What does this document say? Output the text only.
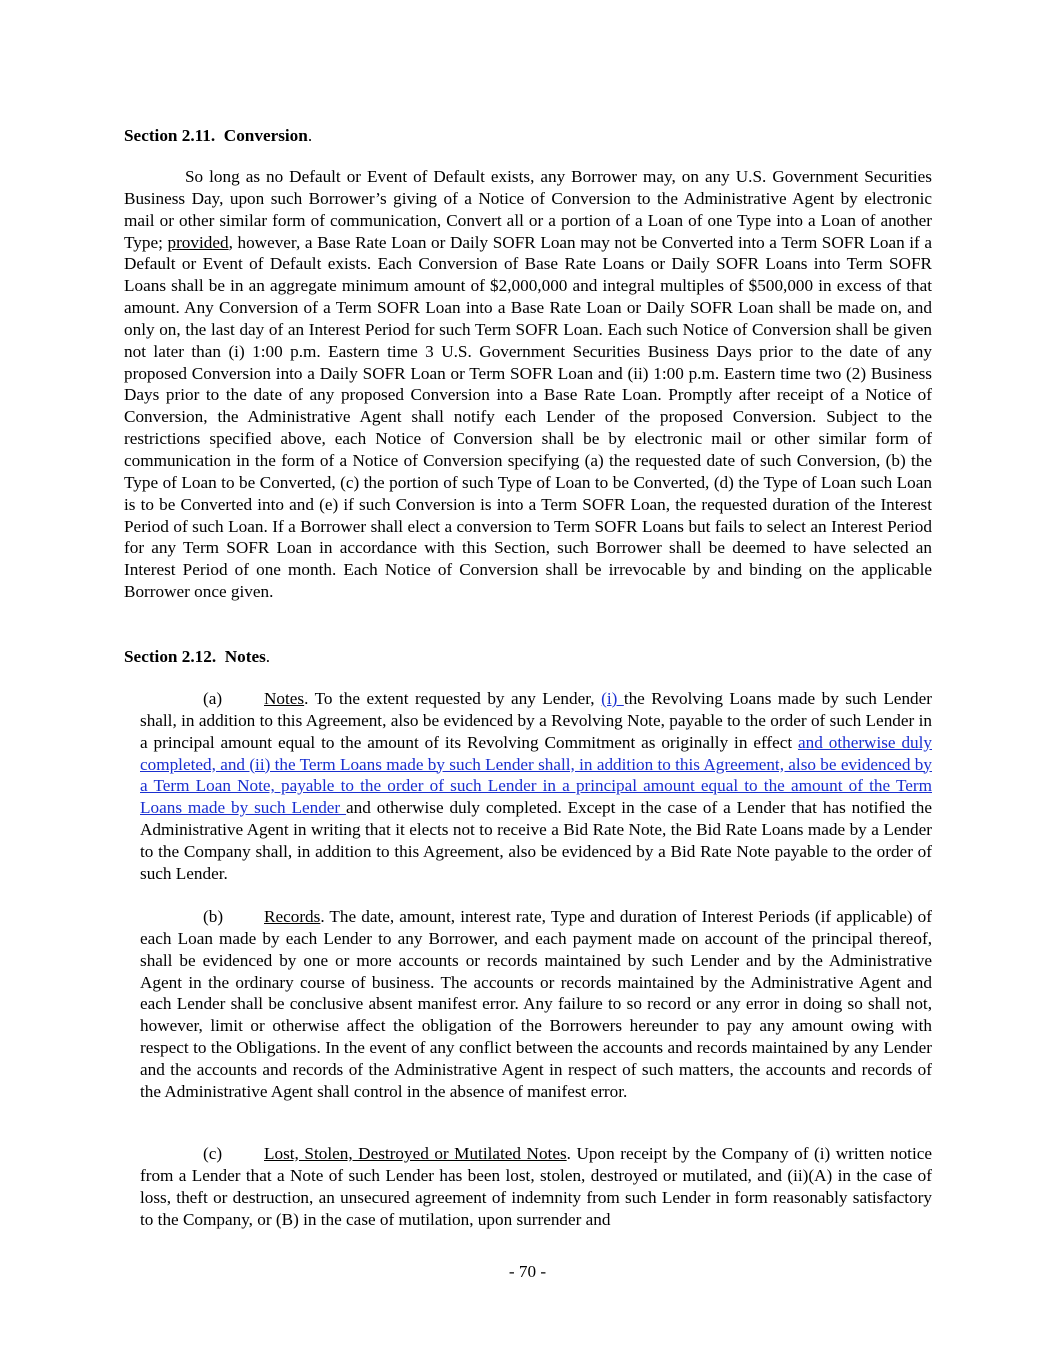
Section 2.11. Conversion.

So long as no Default or Event of Default exists, any Borrower may, on any U.S. Government Securities Business Day, upon such Borrower’s giving of a Notice of Conversion to the Administrative Agent by electronic mail or other similar form of communication, Convert all or a portion of a Loan of one Type into a Loan of another Type; provided, however, a Base Rate Loan or Daily SOFR Loan may not be Converted into a Term SOFR Loan if a Default or Event of Default exists. Each Conversion of Base Rate Loans or Daily SOFR Loans into Term SOFR Loans shall be in an aggregate minimum amount of $2,000,000 and integral multiples of $500,000 in excess of that amount. Any Conversion of a Term SOFR Loan into a Base Rate Loan or Daily SOFR Loan shall be made on, and only on, the last day of an Interest Period for such Term SOFR Loan. Each such Notice of Conversion shall be given not later than (i) 1:00 p.m. Eastern time 3 U.S. Government Securities Business Days prior to the date of any proposed Conversion into a Daily SOFR Loan or Term SOFR Loan and (ii) 1:00 p.m. Eastern time two (2) Business Days prior to the date of any proposed Conversion into a Base Rate Loan. Promptly after receipt of a Notice of Conversion, the Administrative Agent shall notify each Lender of the proposed Conversion. Subject to the restrictions specified above, each Notice of Conversion shall be by electronic mail or other similar form of communication in the form of a Notice of Conversion specifying (a) the requested date of such Conversion, (b) the Type of Loan to be Converted, (c) the portion of such Type of Loan to be Converted, (d) the Type of Loan such Loan is to be Converted into and (e) if such Conversion is into a Term SOFR Loan, the requested duration of the Interest Period of such Loan. If a Borrower shall elect a conversion to Term SOFR Loans but fails to select an Interest Period for any Term SOFR Loan in accordance with this Section, such Borrower shall be deemed to have selected an Interest Period of one month. Each Notice of Conversion shall be irrevocable by and binding on the applicable Borrower once given.

Section 2.12. Notes.

(a) Notes. To the extent requested by any Lender, (i) the Revolving Loans made by such Lender shall, in addition to this Agreement, also be evidenced by a Revolving Note, payable to the order of such Lender in a principal amount equal to the amount of its Revolving Commitment as originally in effect and otherwise duly completed, and (ii) the Term Loans made by such Lender shall, in addition to this Agreement, also be evidenced by a Term Loan Note, payable to the order of such Lender in a principal amount equal to the amount of the Term Loans made by such Lender and otherwise duly completed. Except in the case of a Lender that has notified the Administrative Agent in writing that it elects not to receive a Bid Rate Note, the Bid Rate Loans made by a Lender to the Company shall, in addition to this Agreement, also be evidenced by a Bid Rate Note payable to the order of such Lender.

(b) Records. The date, amount, interest rate, Type and duration of Interest Periods (if applicable) of each Loan made by each Lender to any Borrower, and each payment made on account of the principal thereof, shall be evidenced by one or more accounts or records maintained by such Lender and by the Administrative Agent in the ordinary course of business. The accounts or records maintained by the Administrative Agent and each Lender shall be conclusive absent manifest error. Any failure to so record or any error in doing so shall not, however, limit or otherwise affect the obligation of the Borrowers hereunder to pay any amount owing with respect to the Obligations. In the event of any conflict between the accounts and records maintained by any Lender and the accounts and records of the Administrative Agent in respect of such matters, the accounts and records of the Administrative Agent shall control in the absence of manifest error.

(c) Lost, Stolen, Destroyed or Mutilated Notes. Upon receipt by the Company of (i) written notice from a Lender that a Note of such Lender has been lost, stolen, destroyed or mutilated, and (ii)(A) in the case of loss, theft or destruction, an unsecured agreement of indemnity from such Lender in form reasonably satisfactory to the Company, or (B) in the case of mutilation, upon surrender and

- 70 -
